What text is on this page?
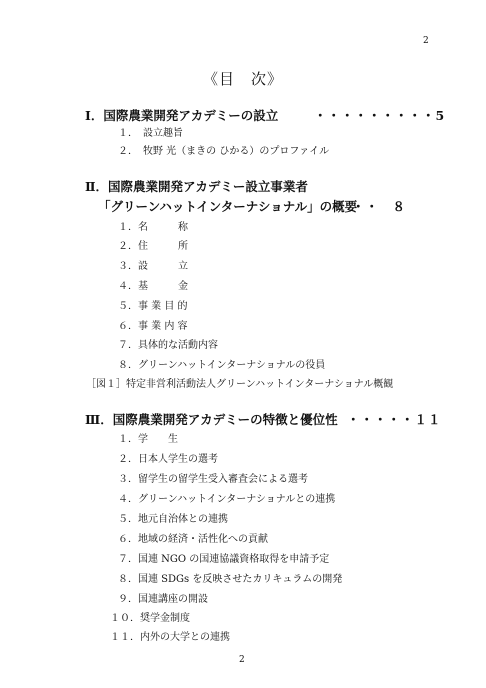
2
《目　次》
Ⅰ．国際農業開発アカデミーの設立	・・・・・・・・・5
１．　設立趣旨
２．　牧野 光（まきの ひかる）のプロファイル
Ⅱ．国際農業開発アカデミー設立事業者
「グリーンハットインターナショナル」の概要
・・　８
１．名　　　称
２．住　　　所
３．設　　　立
４．基　　　金
５．事 業 目 的
６．事 業 内 容
７．具体的な活動内容
８．グリーンハットインターナショナルの役員
［図１］特定非営利活動法人グリーンハットインターナショナル概観
Ⅲ．国際農業開発アカデミーの特徴と優位性 ・・・・・１１
１．学　　生
２．日本人学生の選考
３．留学生の留学生受入審査会による選考
４．グリーンハットインターナショナルとの連携
５．地元自治体との連携
６．地域の経済・活性化への貢献
７．国連 NGO の国連協議資格取得を申請予定
８．国連 SDGs を反映させたカリキュラムの開発
９．国連講座の開設
１０．奨学金制度
１１．内外の大学との連携
2
